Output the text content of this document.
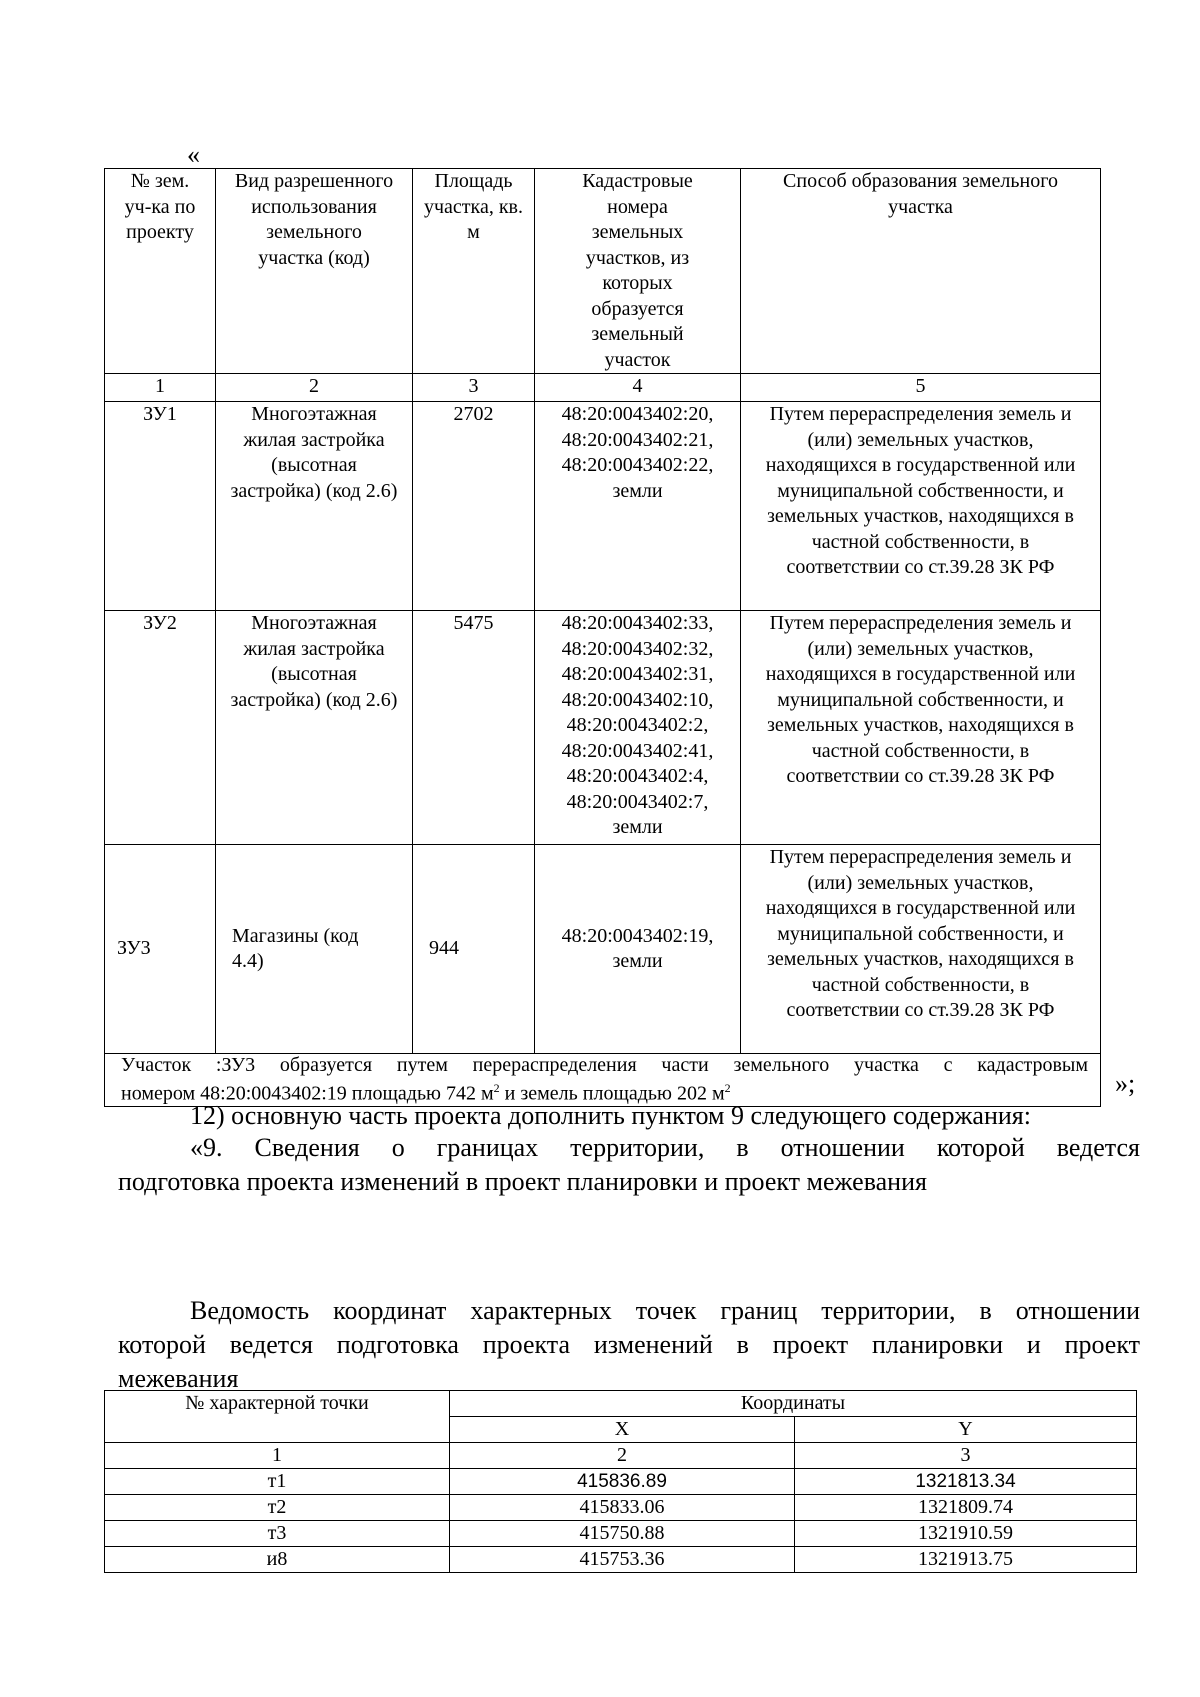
«
№ зем. уч-ка по проекту	Вид разрешенного использования земельного участка (код)	Площадь участка, кв. м	Кадастровые номера земельных участков, из которых образуется земельный участок	Способ образования земельного участка
1	2	3	4	5
ЗУ1	Многоэтажная жилая застройка (высотная застройка) (код 2.6)	2702	48:20:0043402:20, 48:20:0043402:21, 48:20:0043402:22, земли	Путем перераспределения земель и (или) земельных участков, находящихся в государственной или муниципальной собственности, и земельных участков, находящихся в частной собственности, в соответствии со ст.39.28 ЗК РФ
ЗУ2	Многоэтажная жилая застройка (высотная застройка) (код 2.6)	5475	48:20:0043402:33, 48:20:0043402:32, 48:20:0043402:31, 48:20:0043402:10, 48:20:0043402:2, 48:20:0043402:41, 48:20:0043402:4, 48:20:0043402:7, земли	Путем перераспределения земель и (или) земельных участков, находящихся в государственной или муниципальной собственности, и земельных участков, находящихся в частной собственности, в соответствии со ст.39.28 ЗК РФ
ЗУ3	Магазины (код 4.4)	944	48:20:0043402:19, земли	Путем перераспределения земель и (или) земельных участков, находящихся в государственной или муниципальной собственности, и земельных участков, находящихся в частной собственности, в соответствии со ст.39.28 ЗК РФ

Участок :ЗУ3 образуется путем перераспределения части земельного участка с кадастровым
номером 48:20:0043402:19 площадью 742 $м^2$ и земель площадью 202 $м^2$	»;
12) основную часть проекта дополнить пунктом 9 следующего содержания:
«9. Сведения о границах территории, в отношении которой ведется
подготовка проекта изменений в проект планировки и проект межевания
Ведомость координат характерных точек границ территории, в отношении
которой ведется подготовка проекта изменений в проект планировки и проект
межевания
№ характерной точки	Координаты	
	X	Y
1	2	3
т1	415836.89	1321813.34
т2	415833.06	1321809.74
т3	415750.88	1321910.59
и8	415753.36	1321913.75
